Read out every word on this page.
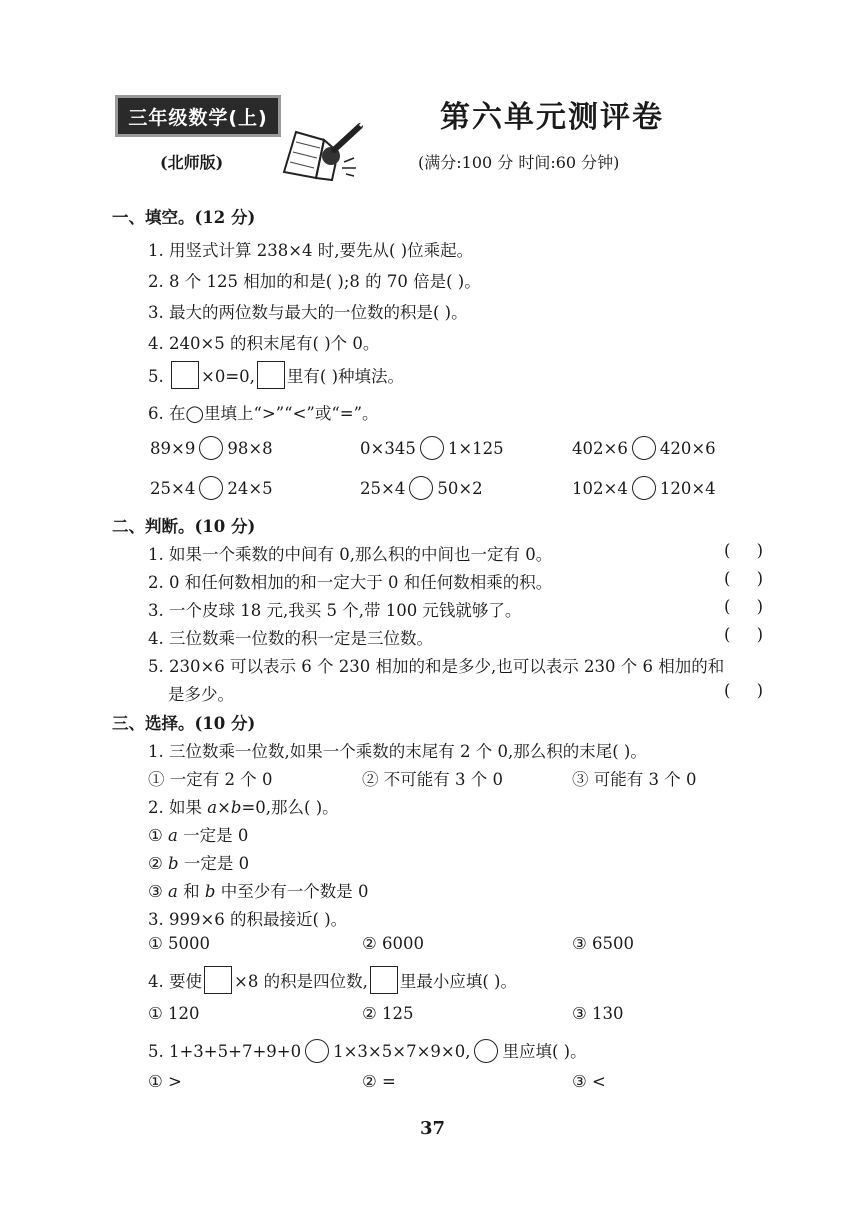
三年级数学(上)
(北师版)
第六单元测评卷
(满分:100 分 时间:60 分钟)
一、填空。(12 分)
1. 用竖式计算 238×4 时,要先从( )位乘起。
2. 8 个 125 相加的和是( );8 的 70 倍是( )。
3. 最大的两位数与最大的一位数的积是( )。
4. 240×5 的积末尾有( )个 0。
5. ×0=0, 里有( )种填法。
6. 在◯里填上“>”“<”或“=”。
89×9 98×8	0×345 1×125	402×6 420×6
25×4 24×5	25×4 50×2	102×4 120×4
二、判断。(10 分)
1. 如果一个乘数的中间有 0,那么积的中间也一定有 0。	(     )
2. 0 和任何数相加的和一定大于 0 和任何数相乘的积。	(     )
3. 一个皮球 18 元,我买 5 个,带 100 元钱就够了。	(     )
4. 三位数乘一位数的积一定是三位数。	(     )
5. 230×6 可以表示 6 个 230 相加的和是多少,也可以表示 230 个 6 相加的和
是多少。	(     )
三、选择。(10 分)
1. 三位数乘一位数,如果一个乘数的末尾有 2 个 0,那么积的末尾( )。
① 一定有 2 个 0	② 不可能有 3 个 0	③ 可能有 3 个 0
2. 如果 a×b=0,那么( )。
① a 一定是 0
② b 一定是 0
③ a 和 b 中至少有一个数是 0
3. 999×6 的积最接近( )。
① 5000	② 6000	③ 6500
4. 要使 ×8 的积是四位数, 里最小应填( )。
① 120	② 125	③ 130
5. 1+3+5+7+9+0 1×3×5×7×9×0, 里应填( )。
① >	② =	③ <
37
